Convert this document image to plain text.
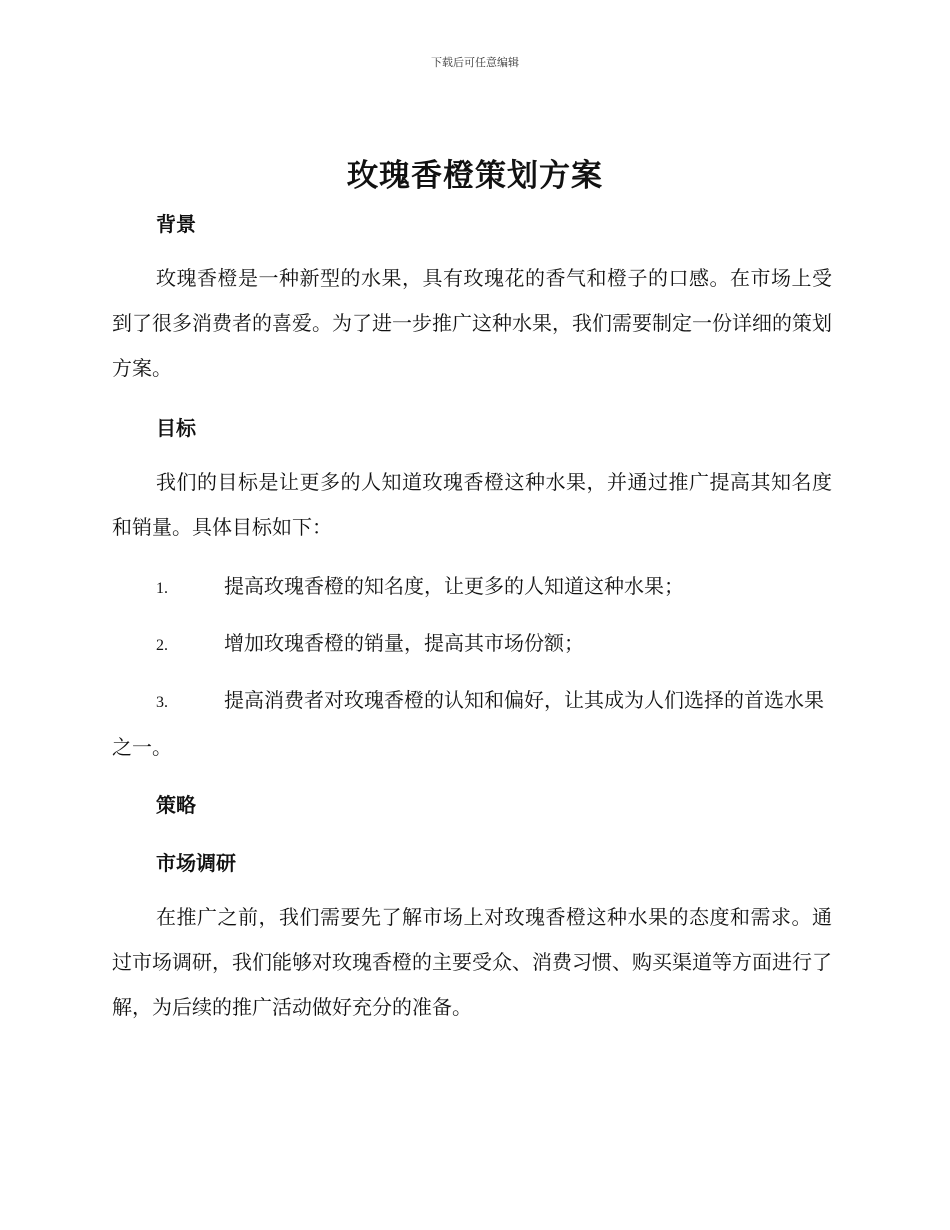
下载后可任意编辑
玫瑰香橙策划方案
背景
玫瑰香橙是一种新型的水果，具有玫瑰花的香气和橙子的口感。在市场上受到了很多消费者的喜爱。为了进一步推广这种水果，我们需要制定一份详细的策划方案。
目标
我们的目标是让更多的人知道玫瑰香橙这种水果，并通过推广提高其知名度和销量。具体目标如下：
1.	提高玫瑰香橙的知名度，让更多的人知道这种水果；
2.	增加玫瑰香橙的销量，提高其市场份额；
3.	提高消费者对玫瑰香橙的认知和偏好，让其成为人们选择的首选水果之一。
策略
市场调研
在推广之前，我们需要先了解市场上对玫瑰香橙这种水果的态度和需求。通过市场调研，我们能够对玫瑰香橙的主要受众、消费习惯、购买渠道等方面进行了解，为后续的推广活动做好充分的准备。
